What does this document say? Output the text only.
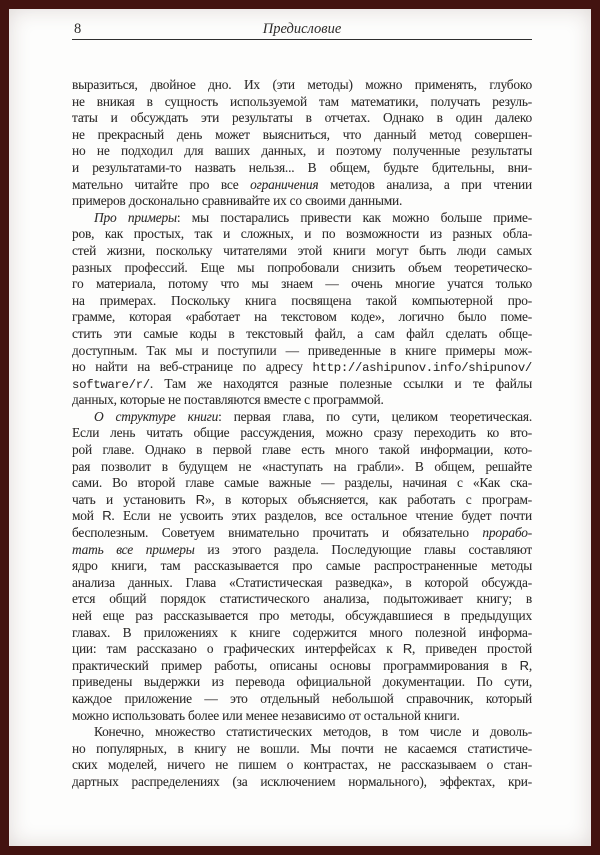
8	Предисловие
выразиться, двойное дно. Их (эти методы) можно применять, глубоко
не вникая в сущность используемой там математики, получать резуль-
таты и обсуждать эти результаты в отчетах. Однако в один далеко
не прекрасный день может выясниться, что данный метод совершен-
но не подходил для ваших данных, и поэтому полученные результаты
и результатами-то назвать нельзя... В общем, будьте бдительны, вни-
мательно читайте про все ограничения методов анализа, а при чтении
примеров досконально сравнивайте их со своими данными.
Про примеры: мы постарались привести как можно больше приме-
ров, как простых, так и сложных, и по возможности из разных обла-
стей жизни, поскольку читателями этой книги могут быть люди самых
разных профессий. Еще мы попробовали снизить объем теоретическо-
го материала, потому что мы знаем — очень многие учатся только
на примерах. Поскольку книга посвящена такой компьютерной про-
грамме, которая «работает на текстовом коде», логично было поме-
стить эти самые коды в текстовый файл, а сам файл сделать обще-
доступным. Так мы и поступили — приведенные в книге примеры мож-
но найти на веб-странице по адресу http://ashipunov.info/shipunov/
software/r/. Там же находятся разные полезные ссылки и те файлы
данных, которые не поставляются вместе с программой.
О структуре книги: первая глава, по сути, целиком теоретическая.
Если лень читать общие рассуждения, можно сразу переходить ко вто-
рой главе. Однако в первой главе есть много такой информации, кото-
рая позволит в будущем не «наступать на грабли». В общем, решайте
сами. Во второй главе самые важные — разделы, начиная с «Как ска-
чать и установить R», в которых объясняется, как работать с програм-
мой R. Если не усвоить этих разделов, все остальное чтение будет почти
бесполезным. Советуем внимательно прочитать и обязательно прорабо-
тать все примеры из этого раздела. Последующие главы составляют
ядро книги, там рассказывается про самые распространенные методы
анализа данных. Глава «Статистическая разведка», в которой обсужда-
ется общий порядок статистического анализа, подытоживает книгу; в
ней еще раз рассказывается про методы, обсуждавшиеся в предыдущих
главах. В приложениях к книге содержится много полезной информа-
ции: там рассказано о графических интерфейсах к R, приведен простой
практический пример работы, описаны основы программирования в R,
приведены выдержки из перевода официальной документации. По сути,
каждое приложение — это отдельный небольшой справочник, который
можно использовать более или менее независимо от остальной книги.
Конечно, множество статистических методов, в том числе и доволь-
но популярных, в книгу не вошли. Мы почти не касаемся статистиче-
ских моделей, ничего не пишем о контрастах, не рассказываем о стан-
дартных распределениях (за исключением нормального), эффектах, кри-
